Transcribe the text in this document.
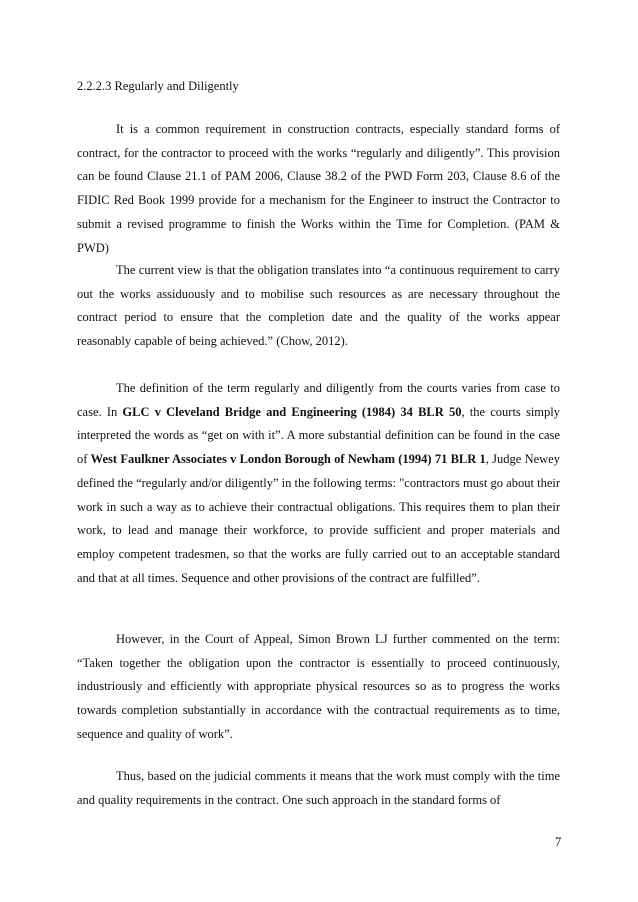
2.2.2.3 Regularly and Diligently

It is a common requirement in construction contracts, especially standard forms of contract, for the contractor to proceed with the works “regularly and diligently”. This provision can be found Clause 21.1 of PAM 2006, Clause 38.2 of the PWD Form 203, Clause 8.6 of the FIDIC Red Book 1999 provide for a mechanism for the Engineer to instruct the Contractor to submit a revised programme to finish the Works within the Time for Completion. (PAM & PWD)

The current view is that the obligation translates into “a continuous requirement to carry out the works assiduously and to mobilise such resources as are necessary throughout the contract period to ensure that the completion date and the quality of the works appear reasonably capable of being achieved.” (Chow, 2012).

The definition of the term regularly and diligently from the courts varies from case to case. In GLC v Cleveland Bridge and Engineering (1984) 34 BLR 50, the courts simply interpreted the words as “get on with it”. A more substantial definition can be found in the case of West Faulkner Associates v London Borough of Newham (1994) 71 BLR 1, Judge Newey defined the “regularly and/or diligently” in the following terms: "contractors must go about their work in such a way as to achieve their contractual obligations. This requires them to plan their work, to lead and manage their workforce, to provide sufficient and proper materials and employ competent tradesmen, so that the works are fully carried out to an acceptable standard and that at all times. Sequence and other provisions of the contract are fulfilled”.

However, in the Court of Appeal, Simon Brown LJ further commented on the term: “Taken together the obligation upon the contractor is essentially to proceed continuously, industriously and efficiently with appropriate physical resources so as to progress the works towards completion substantially in accordance with the contractual requirements as to time, sequence and quality of work”.

Thus, based on the judicial comments it means that the work must comply with the time and quality requirements in the contract. One such approach in the standard forms of

7
